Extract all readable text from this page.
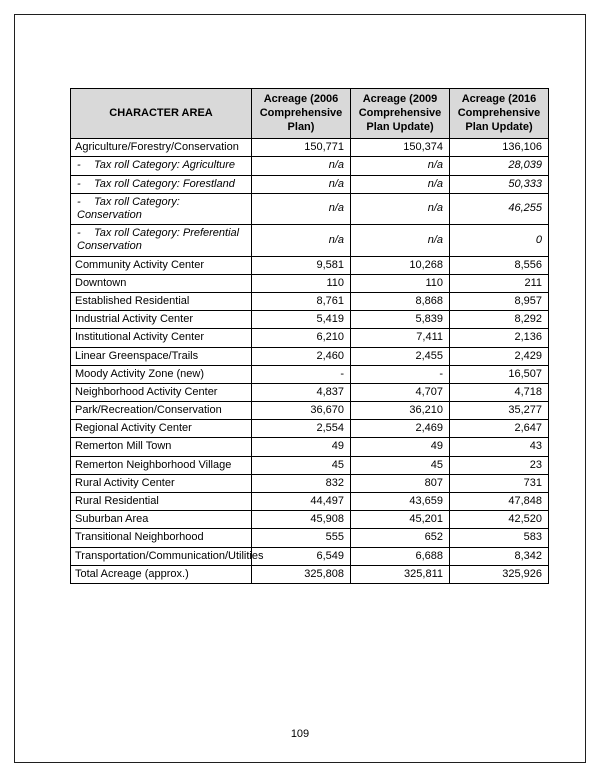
CHARACTER AREA	Acreage (2006 Comprehensive Plan)	Acreage (2009 Comprehensive Plan Update)	Acreage (2016 Comprehensive Plan Update)
Agriculture/Forestry/Conservation	150,771	150,374	136,106
- Tax roll Category: Agriculture	n/a	n/a	28,039
- Tax roll Category: Forestland	n/a	n/a	50,333
- Tax roll Category: Conservation	n/a	n/a	46,255
- Tax roll Category: Preferential Conservation	n/a	n/a	0
Community Activity Center	9,581	10,268	8,556
Downtown	110	110	211
Established Residential	8,761	8,868	8,957
Industrial Activity Center	5,419	5,839	8,292
Institutional Activity Center	6,210	7,411	2,136
Linear Greenspace/Trails	2,460	2,455	2,429
Moody Activity Zone (new)	-	-	16,507
Neighborhood Activity Center	4,837	4,707	4,718
Park/Recreation/Conservation	36,670	36,210	35,277
Regional Activity Center	2,554	2,469	2,647
Remerton Mill Town	49	49	43
Remerton Neighborhood Village	45	45	23
Rural Activity Center	832	807	731
Rural Residential	44,497	43,659	47,848
Suburban Area	45,908	45,201	42,520
Transitional Neighborhood	555	652	583
Transportation/Communication/Utilities	6,549	6,688	8,342
Total Acreage (approx.)	325,808	325,811	325,926
109
